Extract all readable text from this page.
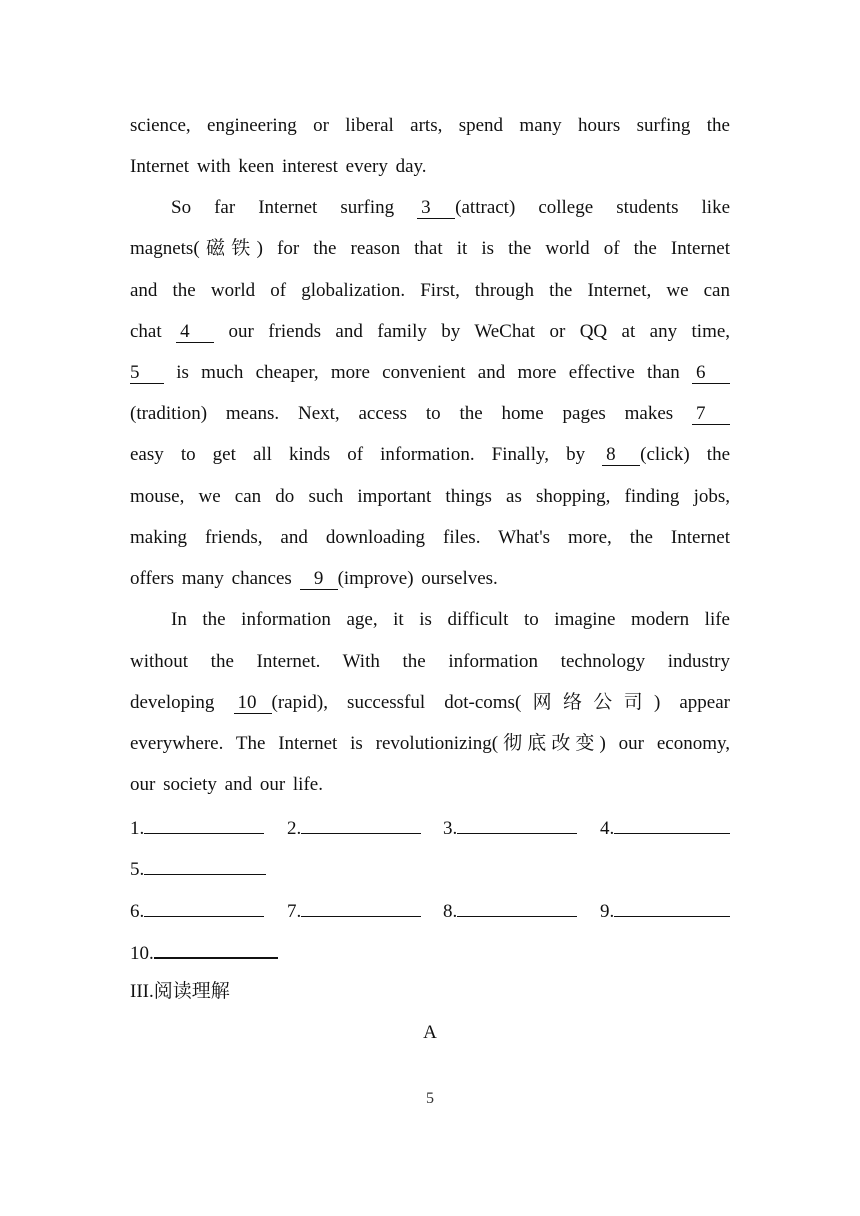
science, engineering or liberal arts, spend many hours surfing the
Internet with keen interest every day.
So far Internet surfing 3 (attract) college students like
magnets(磁铁) for the reason that it is the world of the Internet
and the world of globalization. First, through the Internet, we can
chat 4 our friends and family by WeChat or QQ at any time,
5 is much cheaper, more convenient and more effective than 6
(tradition) means. Next, access to the home pages makes 7
easy to get all kinds of information. Finally, by 8 (click) the
mouse, we can do such important things as shopping, finding jobs,
making friends, and downloading files. What's more, the Internet
offers many chances 9 (improve) ourselves.
In the information age, it is difficult to imagine modern life
without the Internet. With the information technology industry
developing 10 (rapid), successful dot-coms(网络公司) appear
everywhere. The Internet is revolutionizing(彻底改变) our economy,
our society and our life.
1.	2.	3.	4.
5.
6.	7.	8.	9.
10.
III.阅读理解
A
5
